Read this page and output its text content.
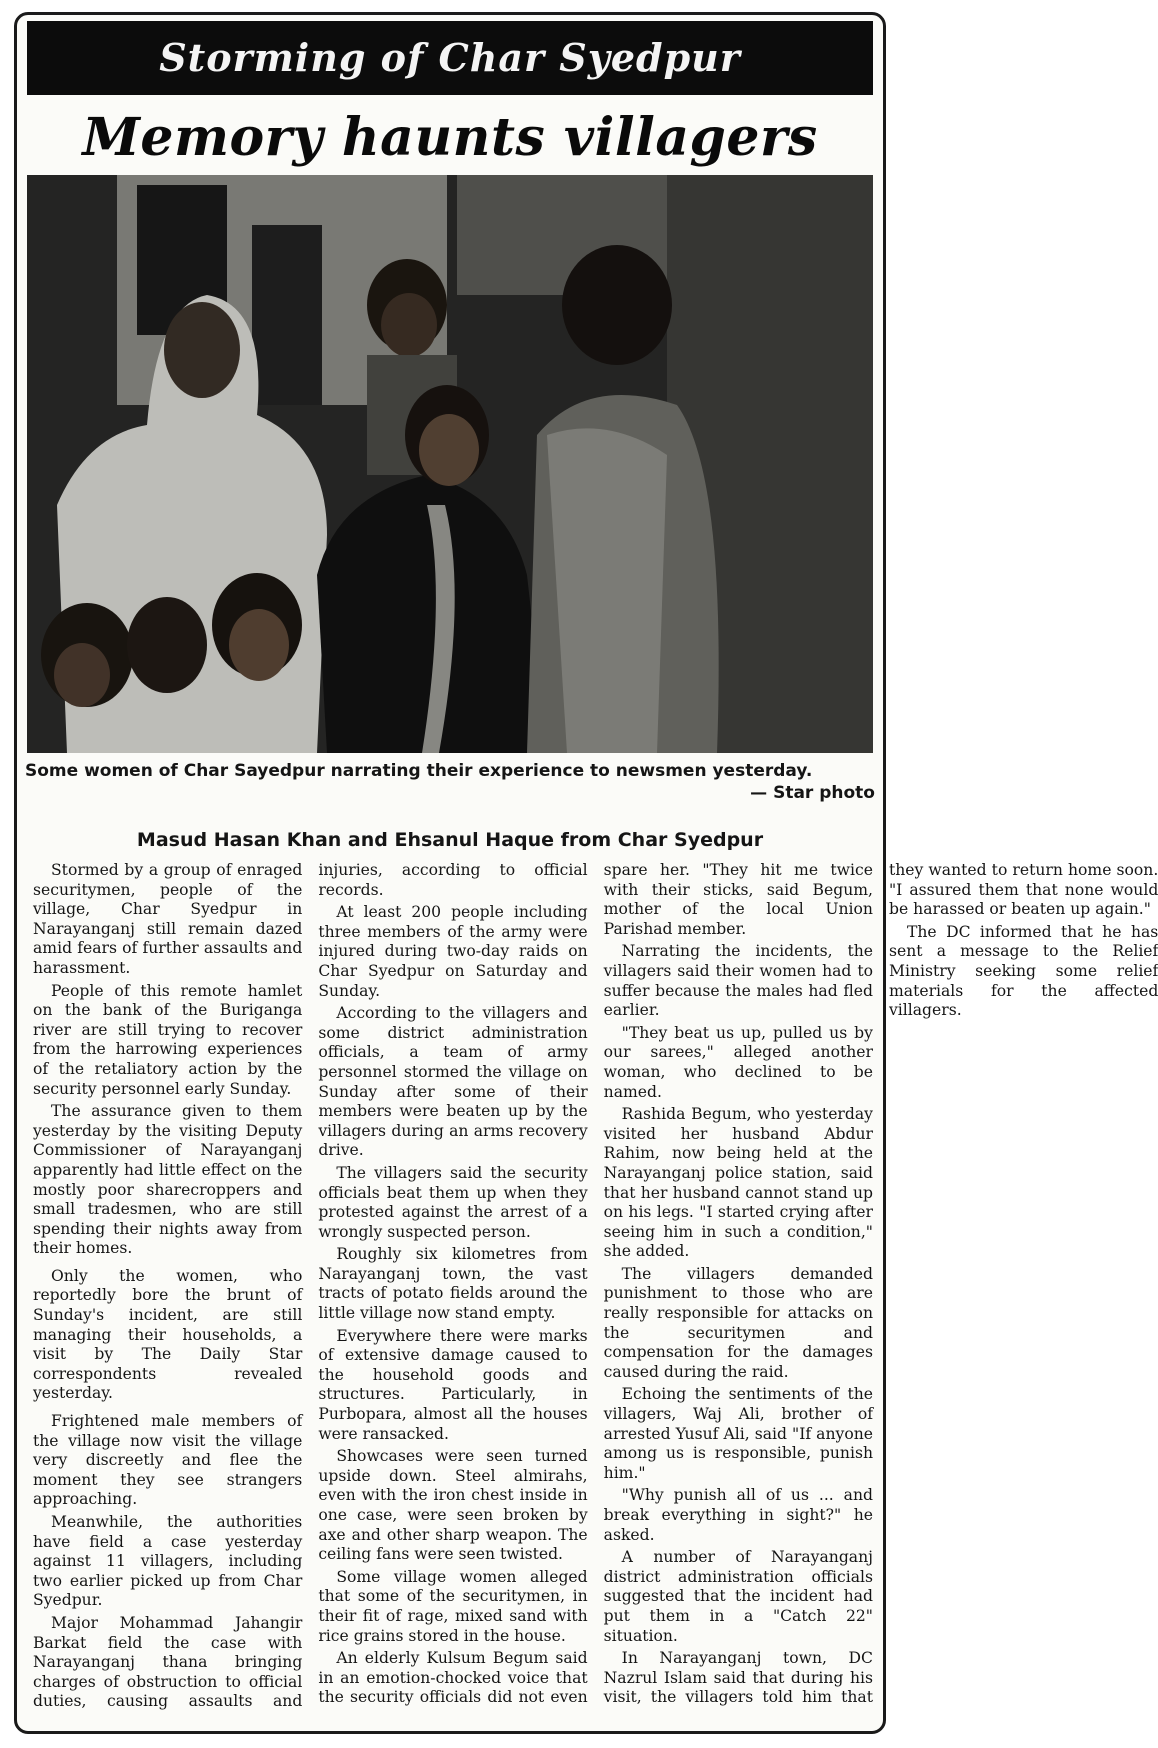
Storming of Char Syedpur
Memory haunts villagers
Some women of Char Sayedpur narrating their experience to newsmen yesterday.
— Star photo
Masud Hasan Khan and Ehsanul Haque from Char Syedpur

Stormed by a group of enraged securitymen, people of the village, Char Syedpur in Narayanganj still remain dazed amid fears of further assaults and harassment.

People of this remote hamlet on the bank of the Buriganga river are still trying to recover from the harrowing experiences of the retaliatory action by the security personnel early Sunday.

The assurance given to them yesterday by the visiting Deputy Commissioner of Narayanganj apparently had little effect on the mostly poor sharecroppers and small tradesmen, who are still spending their nights away from their homes.

Only the women, who reportedly bore the brunt of Sunday's incident, are still managing their households, a visit by The Daily Star correspondents revealed yesterday.

Frightened male members of the village now visit the village very discreetly and flee the moment they see strangers approaching.

Meanwhile, the authorities have field a case yesterday against 11 villagers, including two earlier picked up from Char Syedpur.

Major Mohammad Jahangir Barkat field the case with Narayanganj thana bringing charges of obstruction to official duties, causing assaults and injuries, according to official records.

At least 200 people including three members of the army were injured during two-day raids on Char Syedpur on Saturday and Sunday.

According to the villagers and some district administration officials, a team of army personnel stormed the village on Sunday after some of their members were beaten up by the villagers during an arms recovery drive.

The villagers said the security officials beat them up when they protested against the arrest of a wrongly suspected person.

Roughly six kilometres from Narayanganj town, the vast tracts of potato fields around the little village now stand empty.

Everywhere there were marks of extensive damage caused to the household goods and structures. Particularly, in Purbopara, almost all the houses were ransacked.

Showcases were seen turned upside down. Steel almirahs, even with the iron chest inside in one case, were seen broken by axe and other sharp weapon. The ceiling fans were seen twisted.

Some village women alleged that some of the securitymen, in their fit of rage, mixed sand with rice grains stored in the house.

An elderly Kulsum Begum said in an emotion-chocked voice that the security officials did not even spare her. "They hit me twice with their sticks, said Begum, mother of the local Union Parishad member.

Narrating the incidents, the villagers said their women had to suffer because the males had fled earlier.

"They beat us up, pulled us by our sarees," alleged another woman, who declined to be named.

Rashida Begum, who yesterday visited her husband Abdur Rahim, now being held at the Narayanganj police station, said that her husband cannot stand up on his legs. "I started crying after seeing him in such a condition," she added.

The villagers demanded punishment to those who are really responsible for attacks on the securitymen and compensation for the damages caused during the raid.

Echoing the sentiments of the villagers, Waj Ali, brother of arrested Yusuf Ali, said "If anyone among us is responsible, punish him."

"Why punish all of us ... and break everything in sight?" he asked.

A number of Narayanganj district administration officials suggested that the incident had put them in a "Catch 22" situation.

In Narayanganj town, DC Nazrul Islam said that during his visit, the villagers told him that they wanted to return home soon. "I assured them that none would be harassed or beaten up again."

The DC informed that he has sent a message to the Relief Ministry seeking some relief materials for the affected villagers.
